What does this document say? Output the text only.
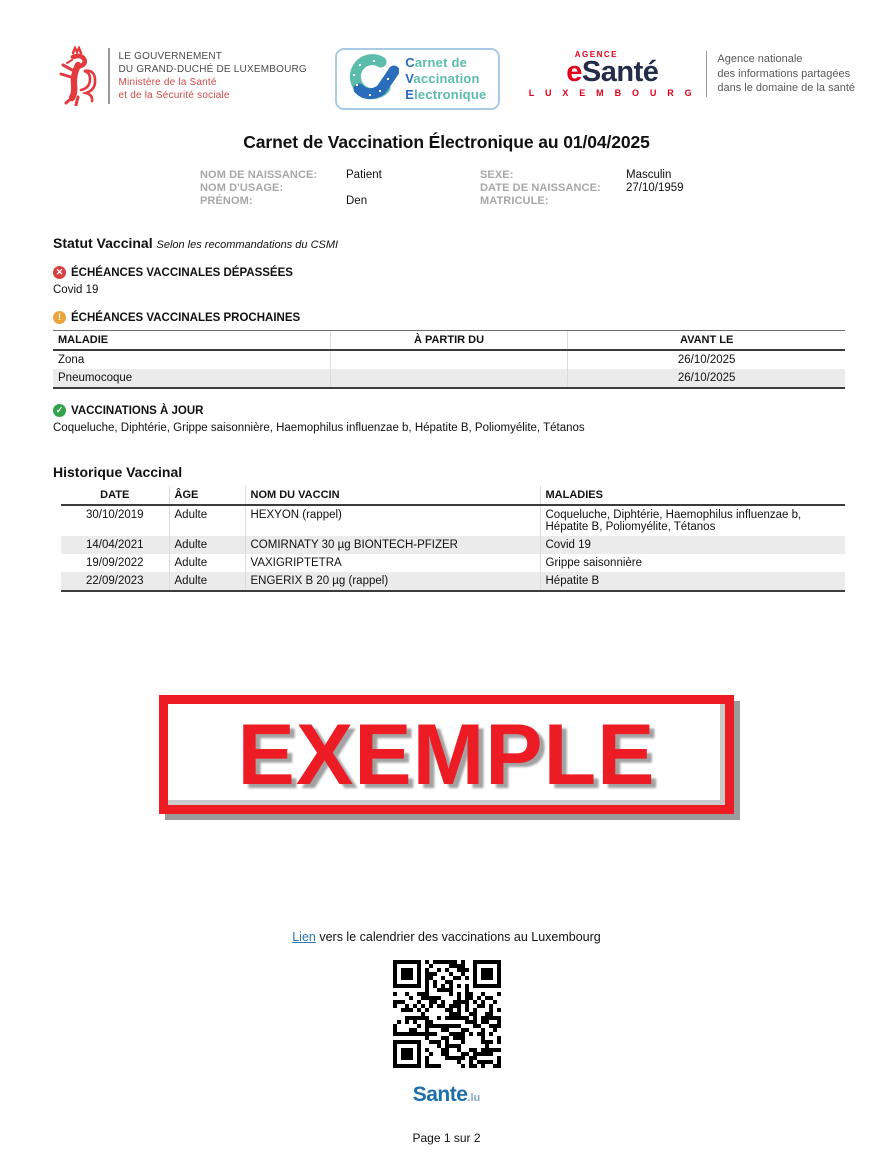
LE GOUVERNEMENT
DU GRAND-DUCHÉ DE LUXEMBOURG
Ministère de la Santé
et de la Sécurité sociale
Carnet de
Vaccination
Electronique
AGENCE
eSanté
L U X E M B O U R G
Agence nationale
des informations partagées
dans le domaine de la santé
Carnet de Vaccination Électronique au 01/04/2025
NOM DE NAISSANCE:	Patient
NOM D'USAGE:
PRÉNOM:	Den
SEXE:	Masculin
DATE DE NAISSANCE:	27/10/1959
MATRICULE:
Statut Vaccinal Selon les recommandations du CSMI
✕ ÉCHÉANCES VACCINALES DÉPASSÉES
Covid 19
! ÉCHÉANCES VACCINALES PROCHAINES
MALADIE	À PARTIR DU	AVANT LE
Zona		26/10/2025
Pneumocoque		26/10/2025
✓ VACCINATIONS À JOUR
Coqueluche, Diphtérie, Grippe saisonnière, Haemophilus influenzae b, Hépatite B, Poliomyélite, Tétanos
Historique Vaccinal
DATE	ÂGE	NOM DU VACCIN	MALADIES
30/10/2019	Adulte	HEXYON (rappel)	Coqueluche, Diphtérie, Haemophilus influenzae b, Hépatite B, Poliomyélite, Tétanos
14/04/2021	Adulte	COMIRNATY 30 µg BIONTECH-PFIZER	Covid 19
19/09/2022	Adulte	VAXIGRIPTETRA	Grippe saisonnière
22/09/2023	Adulte	ENGERIX B 20 µg (rappel)	Hépatite B
EXEMPLE
Lien vers le calendrier des vaccinations au Luxembourg
Sante.lu
Page 1 sur 2
